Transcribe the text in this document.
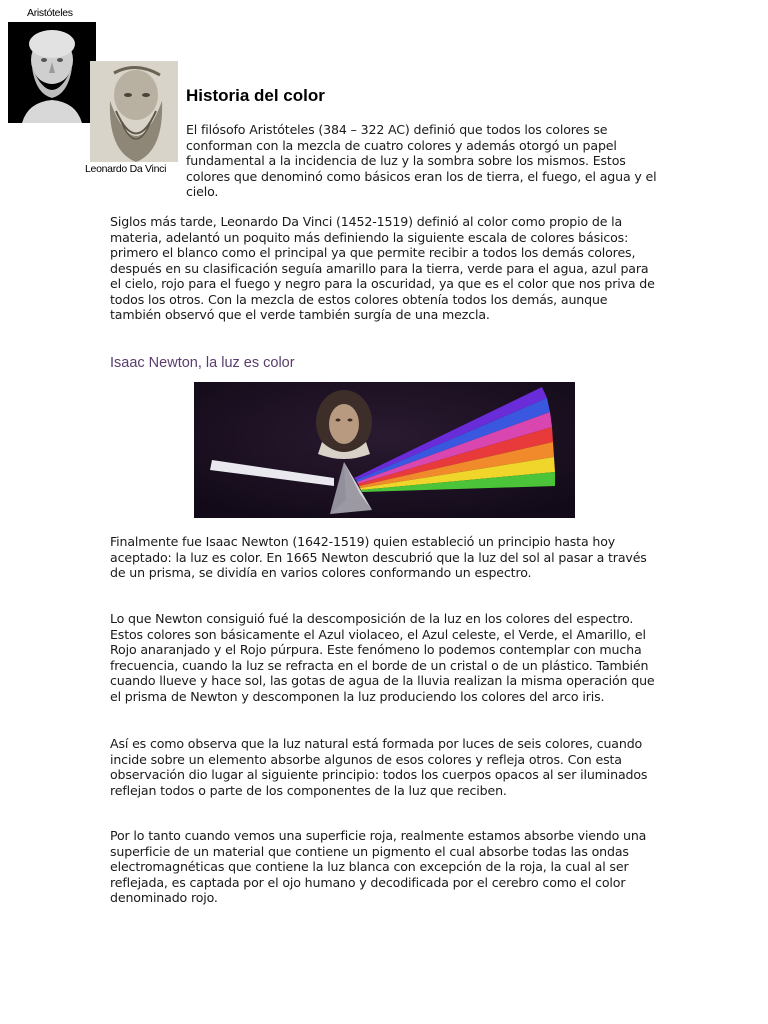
Aristóteles
Leonardo Da Vinci
Historia del color

El filósofo Aristóteles (384 – 322 AC) definió que todos los colores se conforman con la mezcla de cuatro colores y además otorgó un papel fundamental a la incidencia de luz y la sombra sobre los mismos. Estos colores que denominó como básicos eran los de tierra, el fuego, el agua y el cielo.

Siglos más tarde, Leonardo Da Vinci (1452-1519) definió al color como propio de la materia, adelantó un poquito más definiendo la siguiente escala de colores básicos: primero el blanco como el principal ya que permite recibir a todos los demás colores, después en su clasificación seguía amarillo para la tierra, verde para el agua, azul para el cielo, rojo para el fuego y negro para la oscuridad, ya que es el color que nos priva de todos los otros. Con la mezcla de estos colores obtenía todos los demás, aunque también observó que el verde también surgía de una mezcla.

Isaac Newton, la luz es color

Finalmente fue Isaac Newton (1642-1519) quien estableció un principio hasta hoy aceptado: la luz es color. En 1665 Newton descubrió que la luz del sol al pasar a través de un prisma, se dividía en varios colores conformando un espectro.

Lo que Newton consiguió fué la descomposición de la luz en los colores del espectro. Estos colores son básicamente el Azul violaceo, el Azul celeste, el Verde, el Amarillo, el Rojo anaranjado y el Rojo púrpura. Este fenómeno lo podemos contemplar con mucha frecuencia, cuando la luz se refracta en el borde de un cristal o de un plástico. También cuando llueve y hace sol, las gotas de agua de la lluvia realizan la misma operación que el prisma de Newton y descomponen la luz produciendo los colores del arco iris.

Así es como observa que la luz natural está formada por luces de seis colores, cuando incide sobre un elemento absorbe algunos de esos colores y refleja otros. Con esta observación dio lugar al siguiente principio: todos los cuerpos opacos al ser iluminados reflejan todos o parte de los componentes de la luz que reciben.

Por lo tanto cuando vemos una superficie roja, realmente estamos absorbe viendo una superficie de un material que contiene un pigmento el cual absorbe todas las ondas electromagnéticas que contiene la luz blanca con excepción de la roja, la cual al ser reflejada, es captada por el ojo humano y decodificada por el cerebro como el color denominado rojo.
